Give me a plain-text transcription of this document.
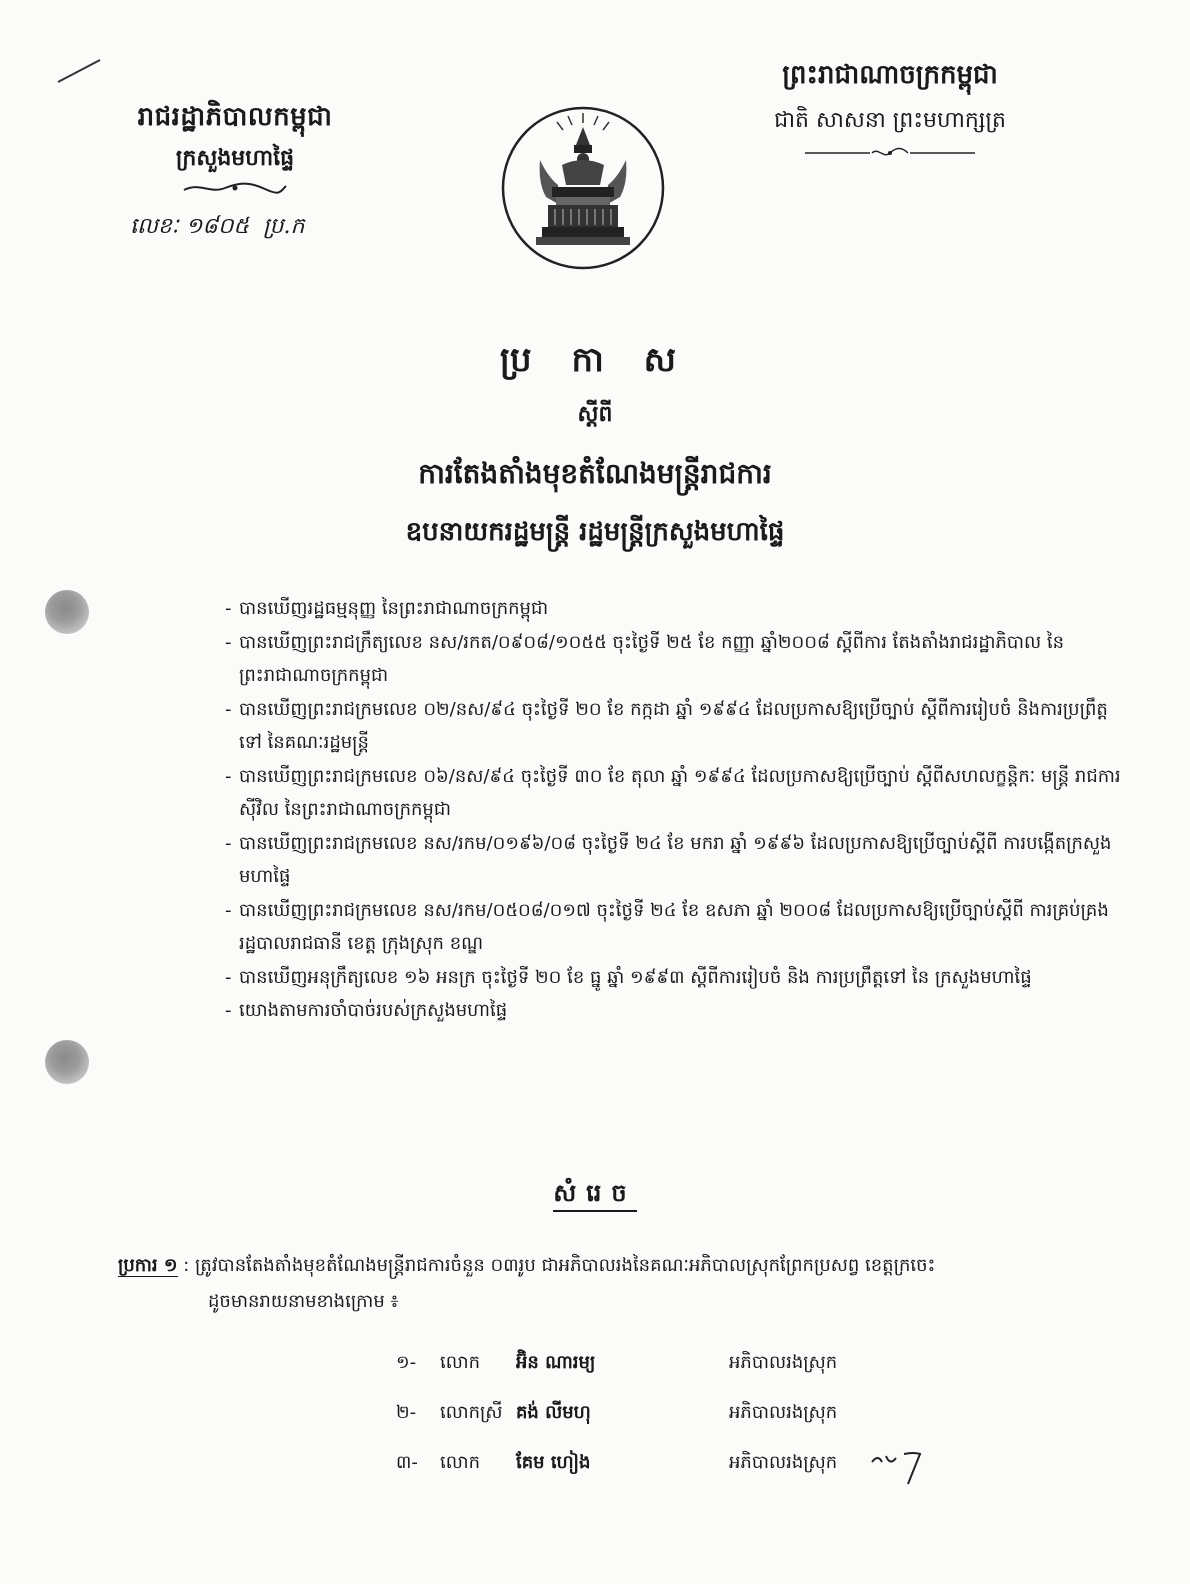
រាជរដ្ឋាភិបាលកម្ពុជា
ក្រសួងមហាផ្ទៃ
លេខៈ ១៨០៥ ប្រ.ក
ព្រះរាជាណាចក្រកម្ពុជា
ជាតិ សាសនា ព្រះមហាក្សត្រ
ប្រ កា ស
ស្តីពី
ការតែងតាំងមុខតំណែងមន្ត្រីរាជការ
ឧបនាយករដ្ឋមន្ត្រី រដ្ឋមន្ត្រីក្រសួងមហាផ្ទៃ
- បានឃើញរដ្ឋធម្មនុញ្ញ នៃព្រះរាជាណាចក្រកម្ពុជា
- បានឃើញព្រះរាជក្រឹត្យលេខ នស/រកត/០៩០៨/១០៥៥ ចុះថ្ងៃទី ២៥ ខែ កញ្ញា ឆ្នាំ២០០៨ ស្តីពីការ តែងតាំងរាជរដ្ឋាភិបាល នៃព្រះរាជាណាចក្រកម្ពុជា
- បានឃើញព្រះរាជក្រមលេខ ០២/នស/៩៤ ចុះថ្ងៃទី ២០ ខែ កក្កដា ឆ្នាំ ១៩៩៤ ដែលប្រកាសឱ្យប្រើច្បាប់ ស្តីពីការរៀបចំ និងការប្រព្រឹត្តទៅ នៃគណៈរដ្ឋមន្ត្រី
- បានឃើញព្រះរាជក្រមលេខ ០៦/នស/៩៤ ចុះថ្ងៃទី ៣០ ខែ តុលា ឆ្នាំ ១៩៩៤ ដែលប្រកាសឱ្យប្រើច្បាប់ ស្តីពីសហលក្ខន្តិកៈ មន្ត្រី រាជការស៊ីវិល នៃព្រះរាជាណាចក្រកម្ពុជា
- បានឃើញព្រះរាជក្រមលេខ នស/រកម/០១៩៦/០៨ ចុះថ្ងៃទី ២៤ ខែ មករា ឆ្នាំ ១៩៩៦ ដែលប្រកាសឱ្យប្រើច្បាប់ស្តីពី ការបង្កើតក្រសួងមហាផ្ទៃ
- បានឃើញព្រះរាជក្រមលេខ នស/រកម/០៥០៨/០១៧ ចុះថ្ងៃទី ២៤ ខែ ឧសភា ឆ្នាំ ២០០៨ ដែលប្រកាសឱ្យប្រើច្បាប់ស្តីពី ការគ្រប់គ្រងរដ្ឋបាលរាជធានី ខេត្ត ក្រុងស្រុក ខណ្ឌ
- បានឃើញអនុក្រឹត្យលេខ ១៦ អនក្រ ចុះថ្ងៃទី ២០ ខែ ធ្នូ ឆ្នាំ ១៩៩៣ ស្តីពីការរៀបចំ និង ការប្រព្រឹត្តទៅ នៃ ក្រសួងមហាផ្ទៃ
- យោងតាមការចាំបាច់របស់ក្រសួងមហាផ្ទៃ
សំរេច
ប្រការ ១ : ត្រូវបានតែងតាំងមុខតំណែងមន្ត្រីរាជការចំនួន ០៣រូប ជាអភិបាលរងនៃគណៈអភិបាលស្រុកព្រែកប្រសព្វ ខេត្តក្រចេះ
ដូចមានរាយនាមខាងក្រោម ៖
១-	លោក អ៊ិន ណារម្យ	អភិបាលរងស្រុក
២-	លោកស្រី គង់ លីមហុ	អភិបាលរងស្រុក
៣-	លោក គែម ហៀង	អភិបាលរងស្រុក
